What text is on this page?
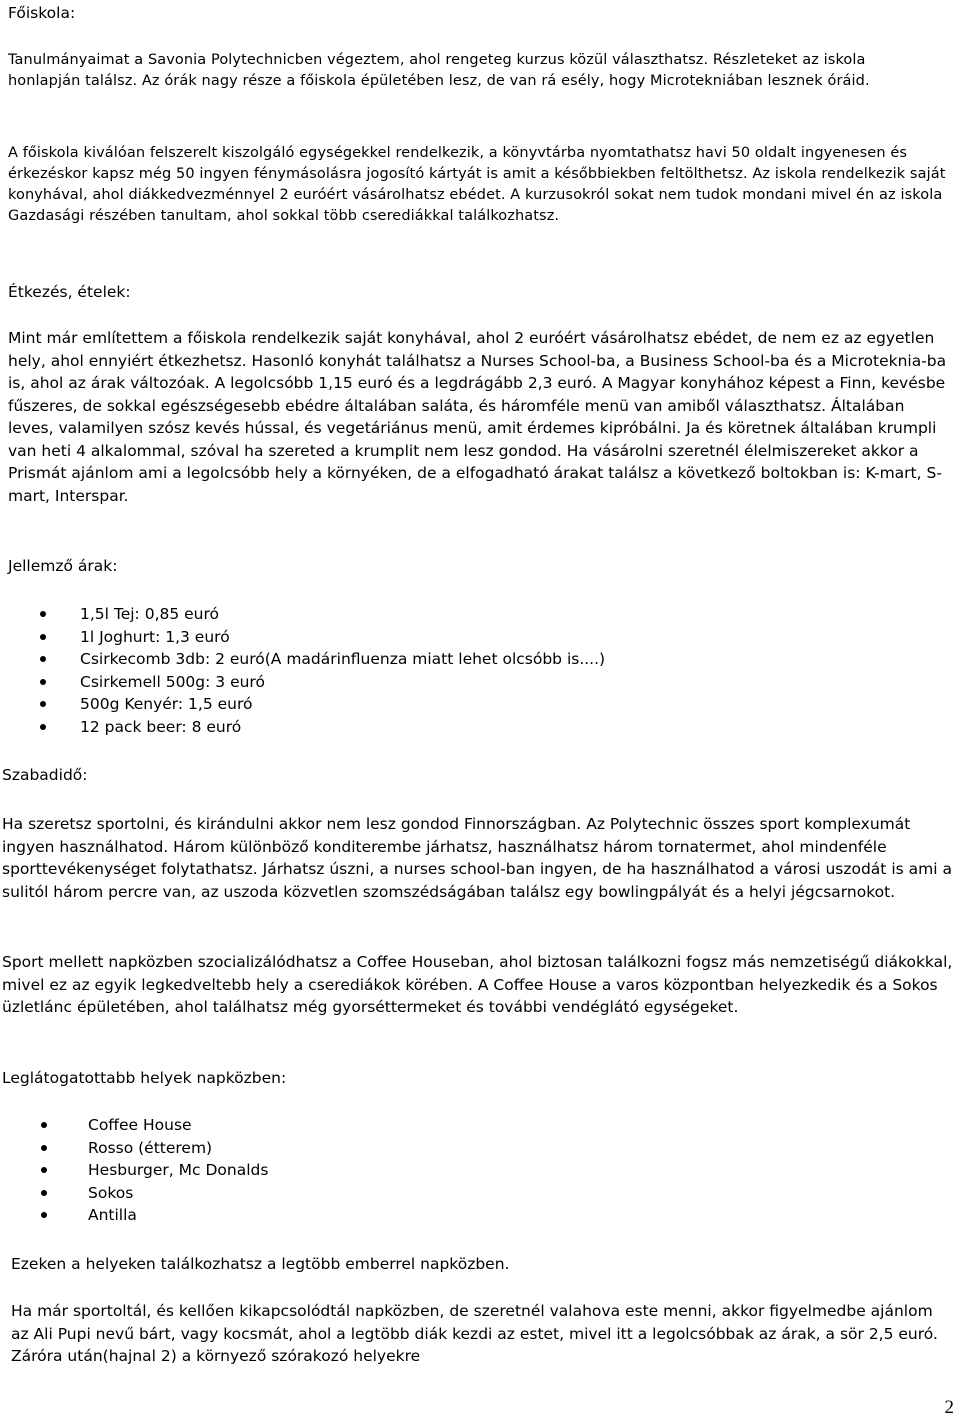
Főiskola:

Tanulmányaimat a Savonia Polytechnicben végeztem, ahol rengeteg kurzus közül választhatsz. Részleteket az iskola honlapján találsz. Az órák nagy része a főiskola épületében lesz, de van rá esély, hogy Microtekniában lesznek óráid.

A főiskola kiválóan felszerelt kiszolgáló egységekkel rendelkezik, a könyvtárba nyomtathatsz havi 50 oldalt ingyenesen és érkezéskor kapsz még 50 ingyen fénymásolásra jogosító kártyát is amit a későbbiekben feltölthetsz. Az iskola rendelkezik saját konyhával, ahol diákkedvezménnyel 2 euróért vásárolhatsz ebédet. A kurzusokról sokat nem tudok mondani mivel én az iskola Gazdasági részében tanultam, ahol sokkal több cserediákkal találkozhatsz.

Étkezés, ételek:

Mint már említettem a főiskola rendelkezik saját konyhával, ahol 2 euróért vásárolhatsz ebédet, de nem ez az egyetlen hely, ahol ennyiért étkezhetsz. Hasonló konyhát találhatsz a Nurses School-ba, a Business School-ba és a Microteknia-ba is, ahol az árak változóak. A legolcsóbb 1,15 euró és a legdrágább 2,3 euró. A Magyar konyhához képest a Finn, kevésbe fűszeres, de sokkal egészségesebb ebédre általában saláta, és háromféle menü van amiből választhatsz. Általában leves, valamilyen szósz kevés hússal, és vegetáriánus menü, amit érdemes kipróbálni. Ja és köretnek általában krumpli van heti 4 alkalommal, szóval ha szereted a krumplit nem lesz gondod. Ha vásárolni szeretnél élelmiszereket akkor a Prismát ajánlom ami a legolcsóbb hely a környéken, de a elfogadható árakat találsz a következő boltokban is: K-mart, S-mart, Interspar.

Jellemző árak:

1,5l Tej: 0,85 euró
1l Joghurt: 1,3 euró
Csirkecomb 3db: 2 euró(A madárinfluenza miatt lehet olcsóbb is....)
Csirkemell 500g: 3 euró
500g Kenyér: 1,5 euró
12 pack beer: 8 euró

Szabadidő:

Ha szeretsz sportolni, és kirándulni akkor nem lesz gondod Finnországban. Az Polytechnic összes sport komplexumát ingyen használhatod. Három különböző konditerembe járhatsz, használhatsz három tornatermet, ahol mindenféle sporttevékenységet folytathatsz. Járhatsz úszni, a nurses school-ban ingyen, de ha használhatod a városi uszodát is ami a sulitól három percre van, az uszoda közvetlen szomszédságában találsz egy bowlingpályát és a helyi jégcsarnokot.

Sport mellett napközben szocializálódhatsz a Coffee Houseban, ahol biztosan találkozni fogsz más nemzetiségű diákokkal, mivel ez az egyik legkedveltebb hely a cserediákok körében. A Coffee House a varos központban helyezkedik és a Sokos üzletlánc épületében, ahol találhatsz még gyorséttermeket és további vendéglátó egységeket.

Leglátogatottabb helyek napközben:

Coffee House
Rosso (étterem)
Hesburger, Mc Donalds
Sokos
Antilla

Ezeken a helyeken találkozhatsz a legtöbb emberrel napközben.

Ha már sportoltál, és kellően kikapcsolódtál napközben, de szeretnél valahova este menni, akkor figyelmedbe ajánlom az Ali Pupi nevű bárt, vagy kocsmát, ahol a legtöbb diák kezdi az estet, mivel itt a legolcsóbbak az árak, a sör 2,5 euró. Záróra után(hajnal 2) a környező szórakozó helyekre

2
